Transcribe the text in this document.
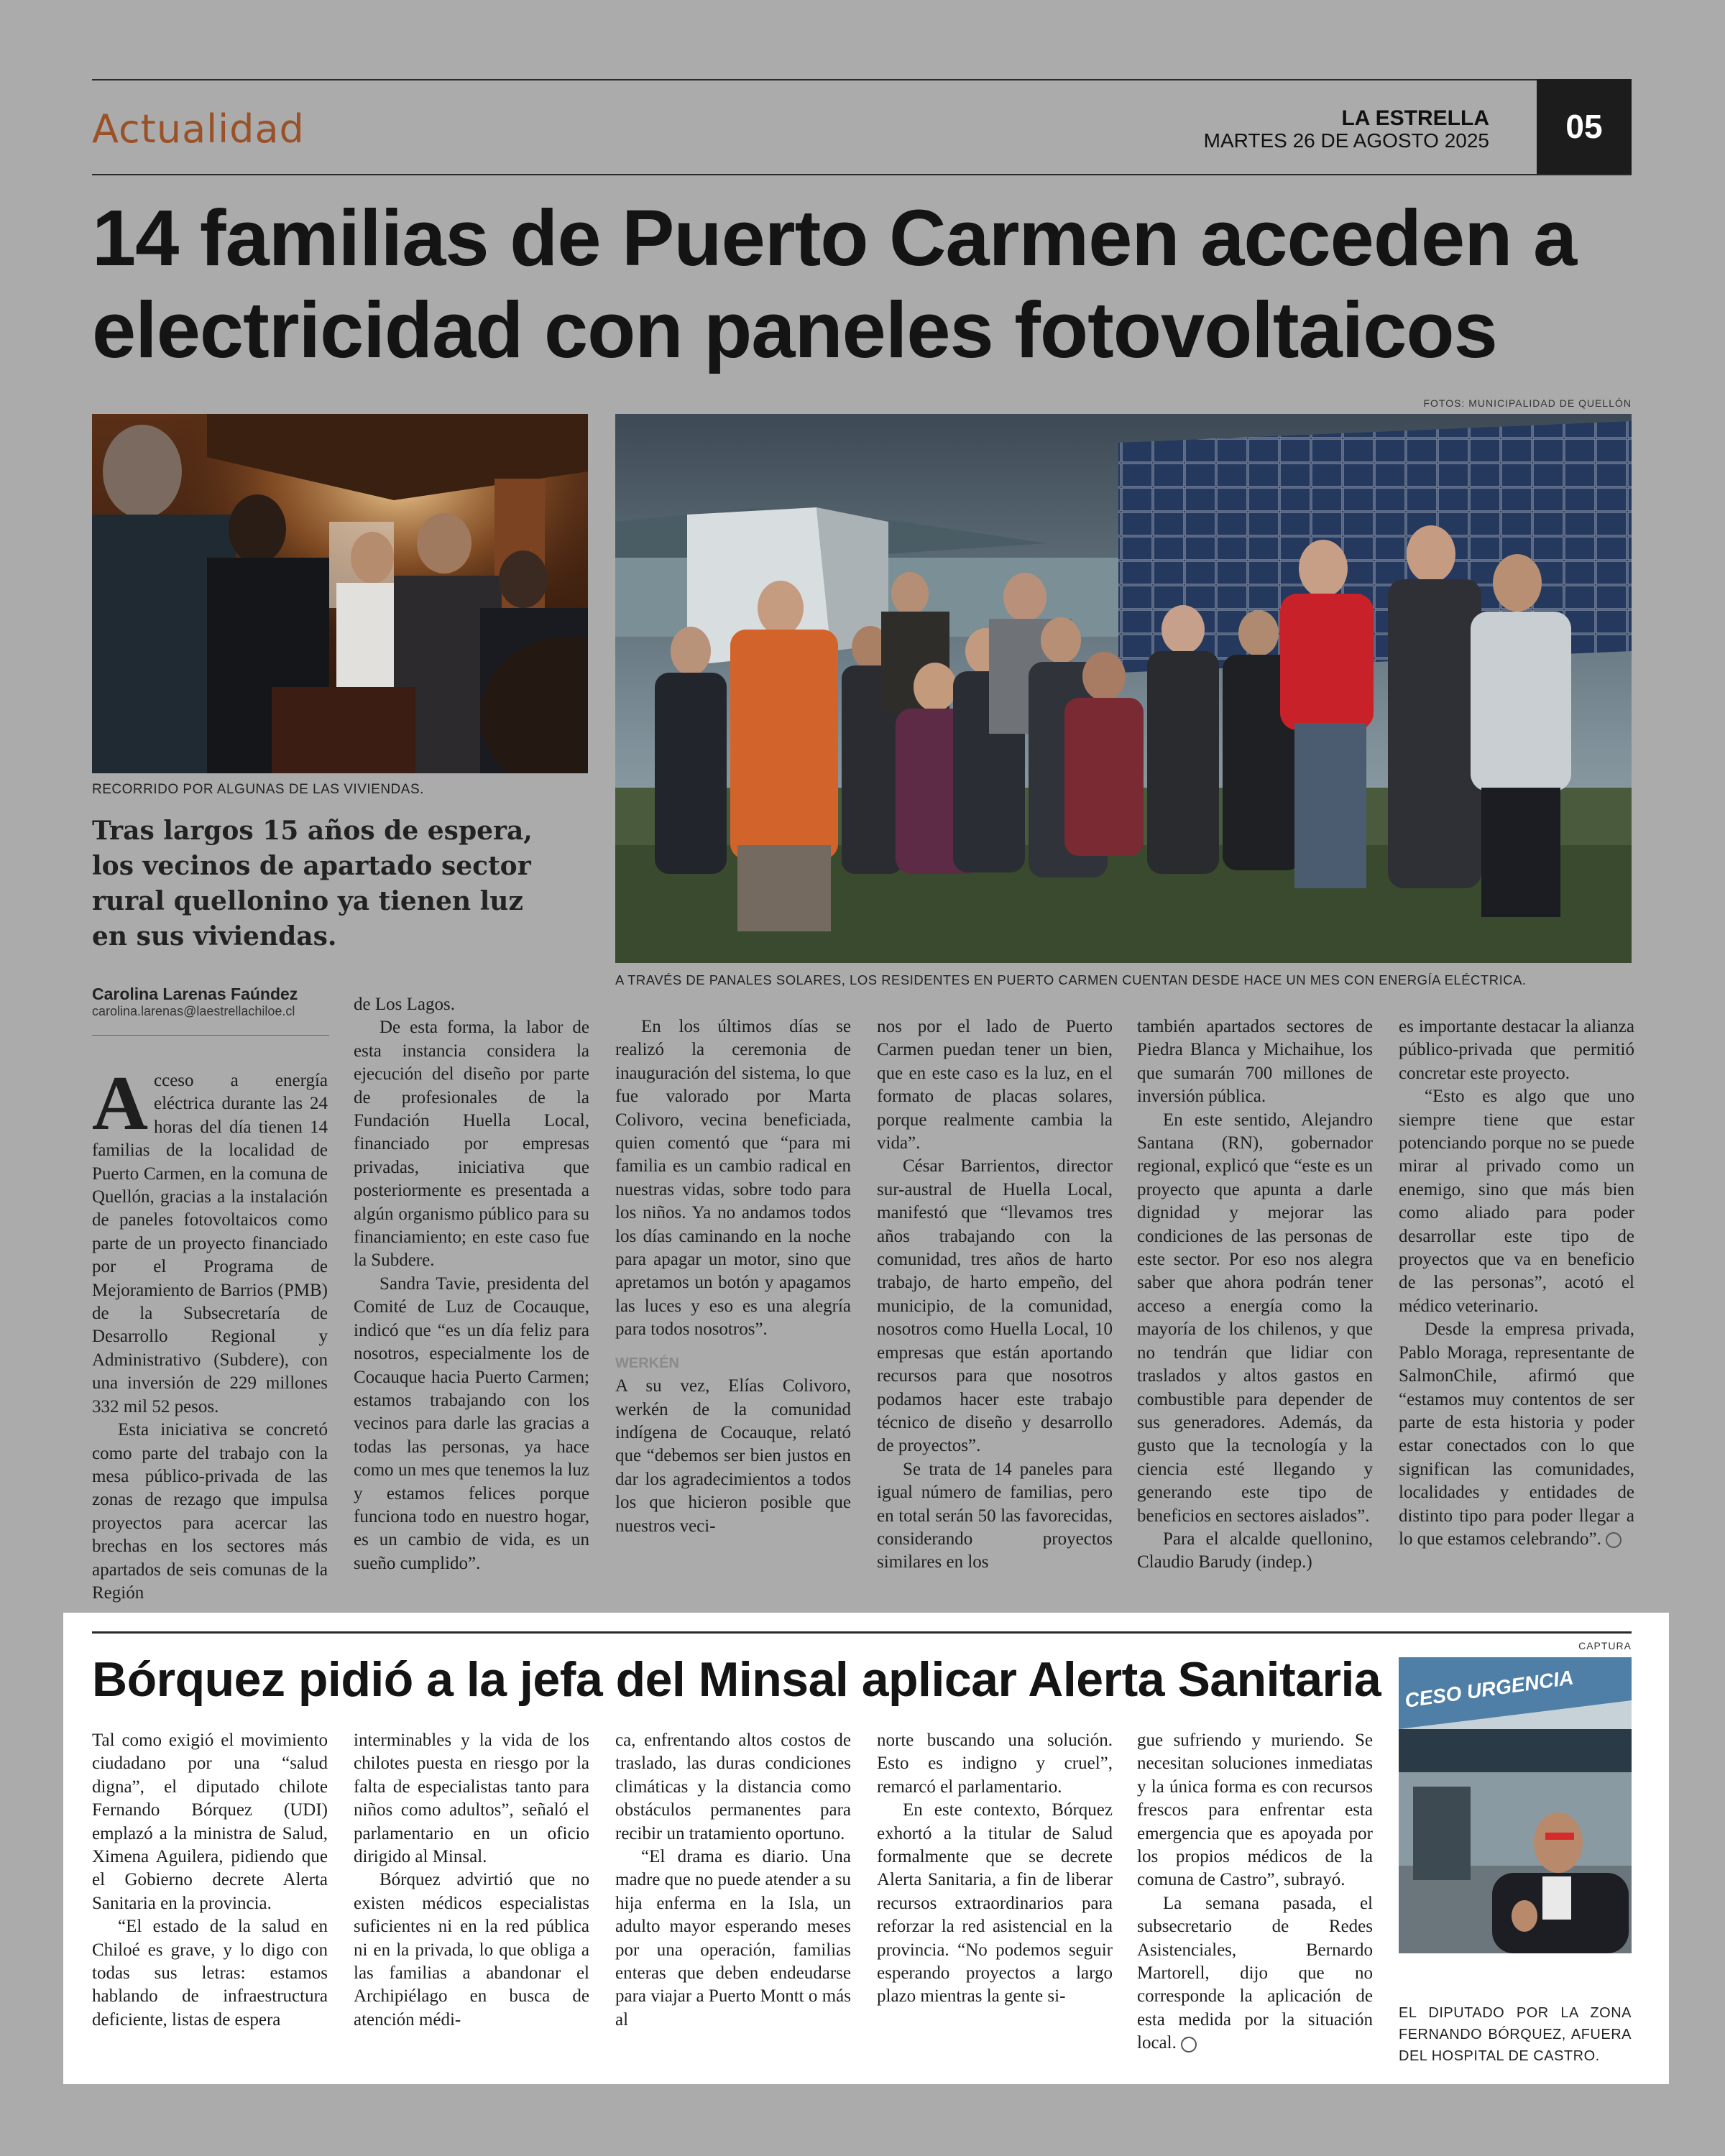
Actualidad	LA ESTRELLA
MARTES 26 DE AGOSTO 2025	05
14 familias de Puerto Carmen acceden a electricidad con paneles fotovoltaicos
FOTOS: MUNICIPALIDAD DE QUELLÓN
RECORRIDO POR ALGUNAS DE LAS VIVIENDAS.
A TRAVÉS DE PANALES SOLARES, LOS RESIDENTES EN PUERTO CARMEN CUENTAN DESDE HACE UN MES CON ENERGÍA ELÉCTRICA.
Tras largos 15 años de espera, los vecinos de apartado sector rural quellonino ya tienen luz en sus viviendas.
Carolina Larenas Faúndez
carolina.larenas@laestrellachiloe.cl

Acceso a energía eléctrica durante las 24 horas del día tienen 14 familias de la localidad de Puerto Carmen, en la comuna de Quellón, gracias a la instalación de paneles fotovoltaicos como parte de un proyecto financiado por el Programa de Mejoramiento de Barrios (PMB) de la Subsecretaría de Desarrollo Regional y Administrativo (Subdere), con una inversión de 229 millones 332 mil 52 pesos.

Esta iniciativa se concretó como parte del trabajo con la mesa público-privada de las zonas de rezago que impulsa proyectos para acercar las brechas en los sectores más apartados de seis comunas de la Región

de Los Lagos.

De esta forma, la labor de esta instancia considera la ejecución del diseño por parte de profesionales de la Fundación Huella Local, financiado por empresas privadas, iniciativa que posteriormente es presentada a algún organismo público para su financiamiento; en este caso fue la Subdere.

Sandra Tavie, presidenta del Comité de Luz de Cocauque, indicó que “es un día feliz para nosotros, especialmente los de Cocauque hacia Puerto Carmen; estamos trabajando con los vecinos para darle las gracias a todas las personas, ya hace como un mes que tenemos la luz y estamos felices porque funciona todo en nuestro hogar, es un cambio de vida, es un sueño cumplido”.

En los últimos días se realizó la ceremonia de inauguración del sistema, lo que fue valorado por Marta Colivoro, vecina beneficiada, quien comentó que “para mi familia es un cambio radical en nuestras vidas, sobre todo para los niños. Ya no andamos todos los días caminando en la noche para apagar un motor, sino que apretamos un botón y apagamos las luces y eso es una alegría para todos nosotros”.

WERKÉN

A su vez, Elías Colivoro, werkén de la comunidad indígena de Cocauque, relató que “debemos ser bien justos en dar los agradecimientos a todos los que hicieron posible que nuestros veci-

nos por el lado de Puerto Carmen puedan tener un bien, que en este caso es la luz, en el formato de placas solares, porque realmente cambia la vida”.

César Barrientos, director sur-austral de Huella Local, manifestó que “llevamos tres años trabajando con la comunidad, tres años de harto trabajo, de harto empeño, del municipio, de la comunidad, nosotros como Huella Local, 10 empresas que están aportando recursos para que nosotros podamos hacer este trabajo técnico de diseño y desarrollo de proyectos”.

Se trata de 14 paneles para igual número de familias, pero en total serán 50 las favorecidas, considerando proyectos similares en los

también apartados sectores de Piedra Blanca y Michaihue, los que sumarán 700 millones de inversión pública.

En este sentido, Alejandro Santana (RN), gobernador regional, explicó que “este es un proyecto que apunta a darle dignidad y mejorar las condiciones de las personas de este sector. Por eso nos alegra saber que ahora podrán tener acceso a energía como la mayoría de los chilenos, y que no tendrán que lidiar con traslados y altos gastos en combustible para depender de sus generadores. Además, da gusto que la tecnología y la ciencia esté llegando y generando este tipo de beneficios en sectores aislados”.

Para el alcalde quellonino, Claudio Barudy (indep.)

es importante destacar la alianza público-privada que permitió concretar este proyecto.

“Esto es algo que uno siempre tiene que estar potenciando porque no se puede mirar al privado como un enemigo, sino que más bien como aliado para poder desarrollar este tipo de proyectos que va en beneficio de las personas”, acotó el médico veterinario.

Desde la empresa privada, Pablo Moraga, representante de SalmonChile, afirmó que “estamos muy contentos de ser parte de esta historia y poder estar conectados con lo que significan las comunidades, localidades y entidades de distinto tipo para poder llegar a lo que estamos celebrando”.

CAPTURA
Bórquez pidió a la jefa del Minsal aplicar Alerta Sanitaria

Tal como exigió el movimiento ciudadano por una “salud digna”, el diputado chilote Fernando Bórquez (UDI) emplazó a la ministra de Salud, Ximena Aguilera, pidiendo que el Gobierno decrete Alerta Sanitaria en la provincia.

“El estado de la salud en Chiloé es grave, y lo digo con todas sus letras: estamos hablando de infraestructura deficiente, listas de espera

interminables y la vida de los chilotes puesta en riesgo por la falta de especialistas tanto para niños como adultos”, señaló el parlamentario en un oficio dirigido al Minsal.

Bórquez advirtió que no existen médicos especialistas suficientes ni en la red pública ni en la privada, lo que obliga a las familias a abandonar el Archipiélago en busca de atención médi-

ca, enfrentando altos costos de traslado, las duras condiciones climáticas y la distancia como obstáculos permanentes para recibir un tratamiento oportuno.

“El drama es diario. Una madre que no puede atender a su hija enferma en la Isla, un adulto mayor esperando meses por una operación, familias enteras que deben endeudarse para viajar a Puerto Montt o más al

norte buscando una solución. Esto es indigno y cruel”, remarcó el parlamentario.

En este contexto, Bórquez exhortó a la titular de Salud formalmente que se decrete Alerta Sanitaria, a fin de liberar recursos extraordinarios para reforzar la red asistencial en la provincia. “No podemos seguir esperando proyectos a largo plazo mientras la gente si-

gue sufriendo y muriendo. Se necesitan soluciones inmediatas y la única forma es con recursos frescos para enfrentar esta emergencia que es apoyada por los propios médicos de la comuna de Castro”, subrayó.

La semana pasada, el subsecretario de Redes Asistenciales, Bernardo Martorell, dijo que no corresponde la aplicación de esta medida por la situación local.

CESO URGENCIA
EL DIPUTADO POR LA ZONA FERNANDO BÓRQUEZ, AFUERA DEL HOSPITAL DE CASTRO.
